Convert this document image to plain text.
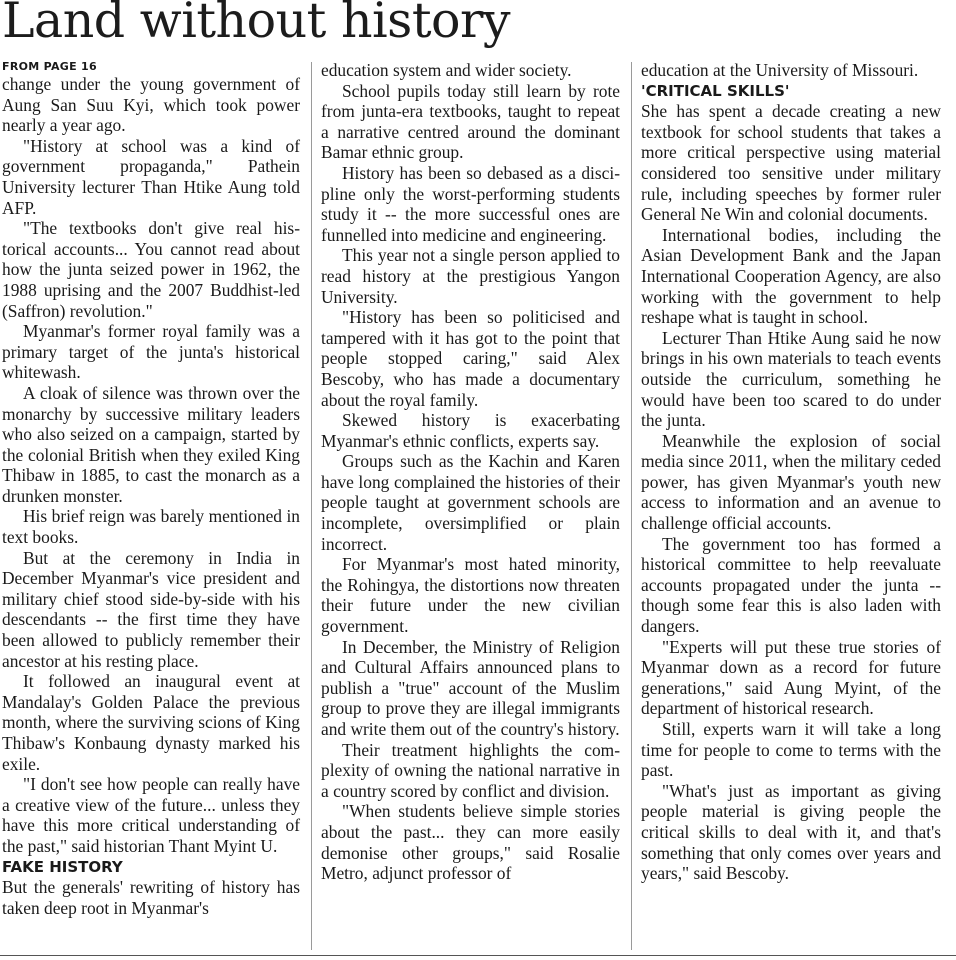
Land without history

FROM PAGE 16

change under the young government of Aung San Suu Kyi, which took power nearly a year ago.

"History at school was a kind of government propaganda," Pathein University lecturer Than Htike Aung told AFP.

"The textbooks don't give real historical accounts... You cannot read about how the junta seized power in 1962, the 1988 uprising and the 2007 Buddhist-led (Saffron) revolution."

Myanmar's former royal family was a primary target of the junta's historical whitewash.

A cloak of silence was thrown over the monarchy by successive military leaders who also seized on a campaign, started by the colonial British when they exiled King Thibaw in 1885, to cast the monarch as a drunken monster.

His brief reign was barely mentioned in text books.

But at the ceremony in India in December Myanmar's vice president and military chief stood side-by-side with his descendants -- the first time they have been allowed to publicly remember their ancestor at his resting place.

It followed an inaugural event at Mandalay's Golden Palace the previous month, where the surviving scions of King Thibaw's Konbaung dynasty marked his exile.

"I don't see how people can really have a creative view of the future... unless they have this more critical understanding of the past," said historian Thant Myint U.

FAKE HISTORY

But the generals' rewriting of history has taken deep root in Myanmar's

education system and wider society.

School pupils today still learn by rote from junta-era textbooks, taught to repeat a narrative centred around the dominant Bamar ethnic group.

History has been so debased as a discipline only the worst-performing students study it -- the more successful ones are funnelled into medicine and engineering.

This year not a single person applied to read history at the prestigious Yangon University.

"History has been so politicised and tampered with it has got to the point that people stopped caring," said Alex Bescoby, who has made a documentary about the royal family.

Skewed history is exacerbating Myanmar's ethnic conflicts, experts say.

Groups such as the Kachin and Karen have long complained the histories of their people taught at government schools are incomplete, oversimplified or plain incorrect.

For Myanmar's most hated minority, the Rohingya, the distortions now threaten their future under the new civilian government.

In December, the Ministry of Religion and Cultural Affairs announced plans to publish a "true" account of the Muslim group to prove they are illegal immigrants and write them out of the country's history.

Their treatment highlights the complexity of owning the national narrative in a country scored by conflict and division.

"When students believe simple stories about the past... they can more easily demonise other groups," said Rosalie Metro, adjunct professor of

education at the University of Missouri.

'CRITICAL SKILLS'

She has spent a decade creating a new textbook for school students that takes a more critical perspective using material considered too sensitive under military rule, including speeches by former ruler General Ne Win and colonial documents.

International bodies, including the Asian Development Bank and the Japan International Cooperation Agency, are also working with the government to help reshape what is taught in school.

Lecturer Than Htike Aung said he now brings in his own materials to teach events outside the curriculum, something he would have been too scared to do under the junta.

Meanwhile the explosion of social media since 2011, when the military ceded power, has given Myanmar's youth new access to information and an avenue to challenge official accounts.

The government too has formed a historical committee to help reevaluate accounts propagated under the junta -- though some fear this is also laden with dangers.

"Experts will put these true stories of Myanmar down as a record for future generations," said Aung Myint, of the department of historical research.

Still, experts warn it will take a long time for people to come to terms with the past.

"What's just as important as giving people material is giving people the critical skills to deal with it, and that's something that only comes over years and years," said Bescoby.
